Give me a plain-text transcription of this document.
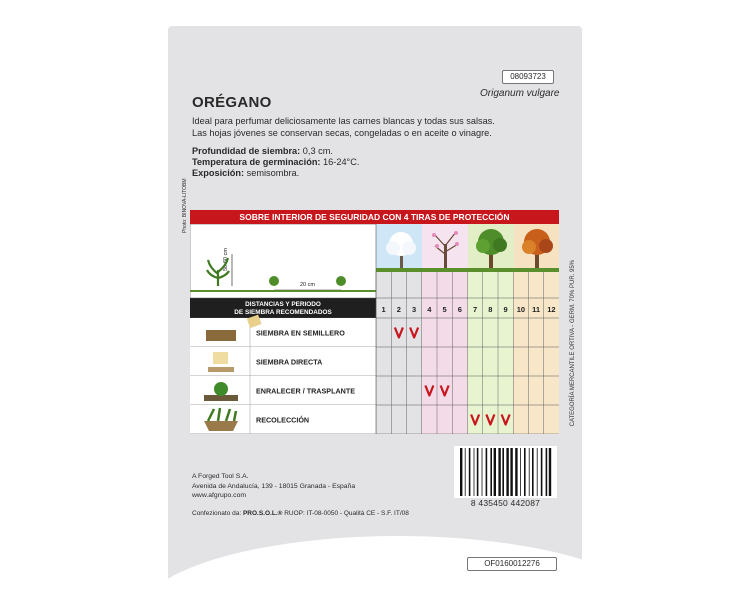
08093723
Origanum vulgare
ORÉGANO
Ideal para perfumar deliciosamente las carnes blancas y todas sus salsas.
Las hojas jóvenes se conservan secas, congeladas o en aceite o vinagre.
Profundidad de siembra: 0,3 cm.
Temperatura de germinación: 16-24°C.
Exposición: semisombra.
SOBRE INTERIOR DE SEGURIDAD CON 4 TIRAS DE PROTECCIÓN
Photo: BINOVA-LITOBM
50-60 cm
20 cm
DISTANCIAS Y PERIODO
DE SIEMBRA RECOMENDADOS	1 2 3 4 5 6 7 8 9 10 11 12
SIEMBRA EN SEMILLERO
SIEMBRA DIRECTA
ENRALECER / TRASPLANTE
RECOLECCIÓN	CATEGORÍA MERCANTILE ORTIVA - GERM. 70% PUR. 95%
A Forged Tool S.A.
Avenida de Andalucía, 139 - 18015 Granada - España
www.afgrupo.com
Confezionato da: PRO.S.O.L.® RUOP: IT-08-0050 - Qualità CE - S.F. IT/08
8 435450 442087
OF0160012276
